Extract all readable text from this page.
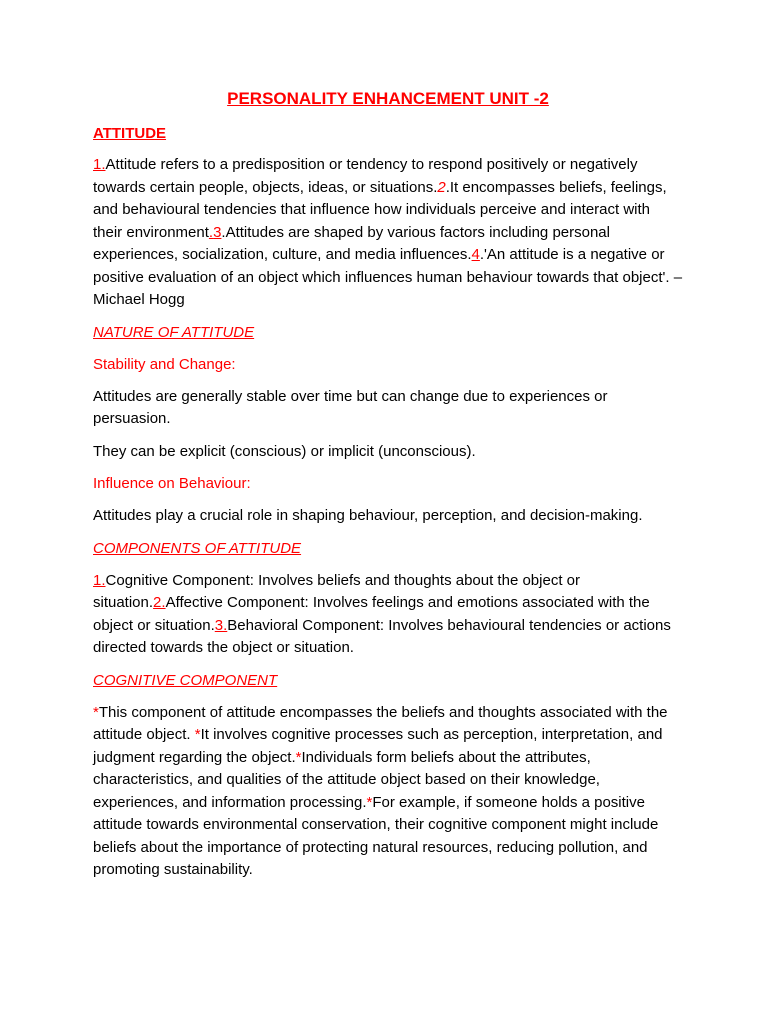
PERSONALITY ENHANCEMENT UNIT -2
ATTITUDE

1.Attitude refers to a predisposition or tendency to respond positively or negatively towards certain people, objects, ideas, or situations.2.It encompasses beliefs, feelings, and behavioural tendencies that influence how individuals perceive and interact with their environment.3.Attitudes are shaped by various factors including personal experiences, socialization, culture, and media influences.4.'An attitude is a negative or positive evaluation of an object which influences human behaviour towards that object'. – Michael Hogg

NATURE OF ATTITUDE
Stability and Change:

Attitudes are generally stable over time but can change due to experiences or persuasion.

They can be explicit (conscious) or implicit (unconscious).

Influence on Behaviour:

Attitudes play a crucial role in shaping behaviour, perception, and decision-making.

COMPONENTS OF ATTITUDE

1.Cognitive Component: Involves beliefs and thoughts about the object or situation.2.Affective Component: Involves feelings and emotions associated with the object or situation.3.Behavioral Component: Involves behavioural tendencies or actions directed towards the object or situation.

COGNITIVE COMPONENT

*This component of attitude encompasses the beliefs and thoughts associated with the attitude object. *It involves cognitive processes such as perception, interpretation, and judgment regarding the object.*Individuals form beliefs about the attributes, characteristics, and qualities of the attitude object based on their knowledge, experiences, and information processing.*For example, if someone holds a positive attitude towards environmental conservation, their cognitive component might include beliefs about the importance of protecting natural resources, reducing pollution, and promoting sustainability.
